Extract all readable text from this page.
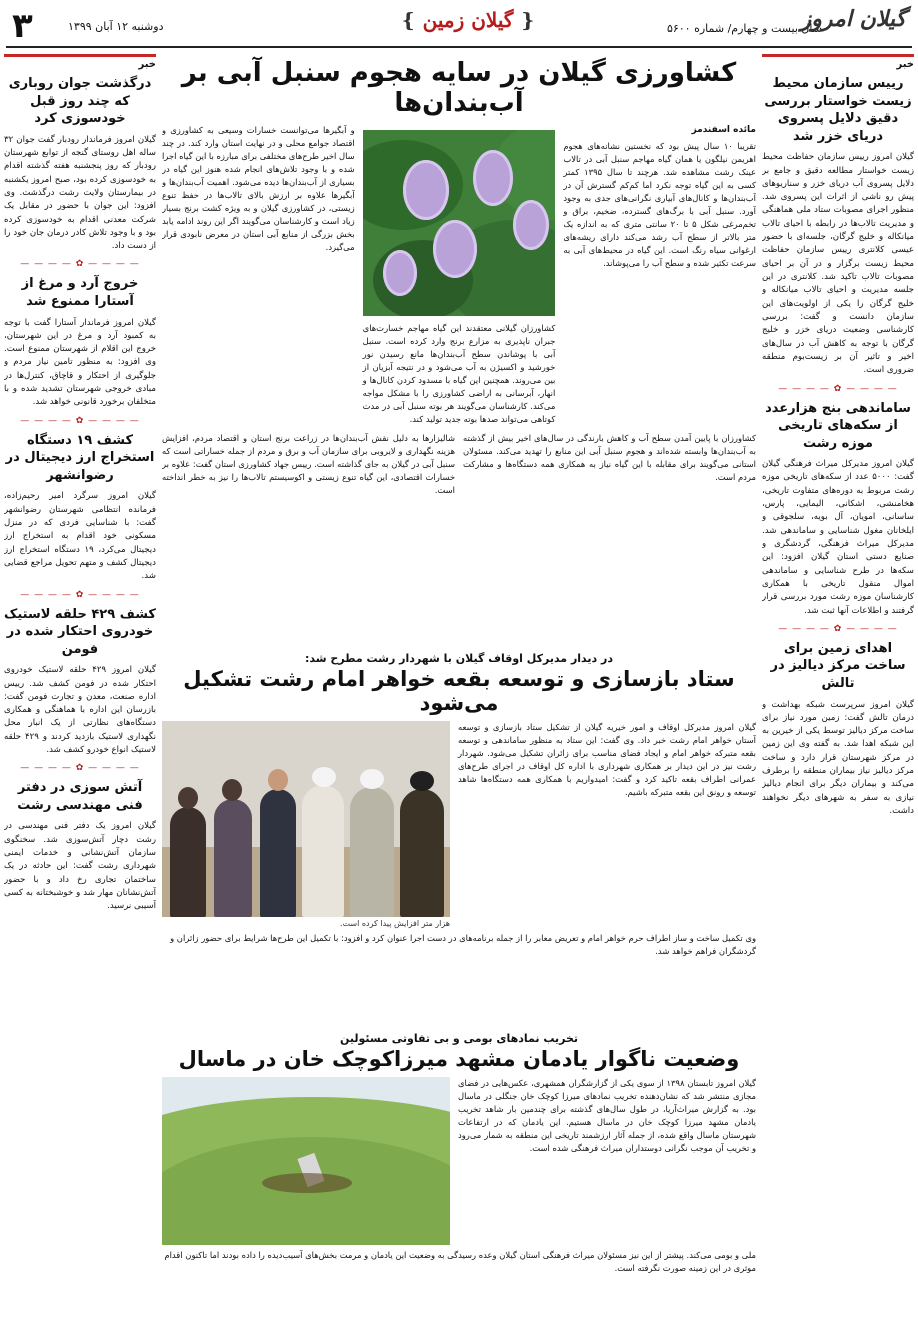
۳	دوشنبه ۱۲ آبان ۱۳۹۹
{	گیلان زمین }	سال بیست و چهارم/ شماره ۵۶۰۰
گیلان امروز
خبر
رییس سازمان محیط زیست خواستار بررسی دقیق دلایل پسروی دریای خزر شد
گیلان امروز رییس سازمان حفاظت محیط زیست خواستار مطالعه دقیق و جامع بر دلایل پسروی آب دریای خزر و سناریوهای پیش رو ناشی از اثرات این پسروی شد. منظور اجرای مصوبات ستاد ملی هماهنگی و مدیریت تالاب‌ها در رابطه با احیای تالاب میانکاله و خلیج گرگان، جلسه‌ای با حضور عیسی کلانتری رییس سازمان حفاظت محیط زیست برگزار و در آن بر احیای مصوبات تالاب تاکید شد. کلانتری در این جلسه مدیریت و احیای تالاب میانکاله و خلیج گرگان را یکی از اولویت‌های این سازمان دانست و گفت: بررسی کارشناسی وضعیت دریای خزر و خلیج گرگان با توجه به کاهش آب در سال‌های اخیر و تاثیر آن بر زیست‌بوم منطقه ضروری است.
— — — — ✿ — — — —
ساماندهی بنج هزارعدد از سکه‌های تاریخی موزه رشت
گیلان امروز مدیرکل میراث فرهنگی گیلان گفت: ۵۰۰۰ عدد از سکه‌های تاریخی موزه رشت مربوط به دوره‌های متفاوت تاریخی، هخامنشی، اشکانی، الیمایی، پارس، ساسانی، امویان، آل بویه، سلجوقی و ایلخانان مغول شناسایی و ساماندهی شد. مدیرکل میراث فرهنگی، گردشگری و صنایع دستی استان گیلان افزود: این سکه‌ها در طرح شناسایی و ساماندهی اموال منقول تاریخی با همکاری کارشناسان موزه رشت مورد بررسی قرار گرفتند و اطلاعات آنها ثبت شد.
— — — — ✿ — — — —
اهدای زمین برای ساخت مرکز دیالیز در تالش
گیلان امروز سرپرست شبکه بهداشت و درمان تالش گفت: زمین مورد نیاز برای ساخت مرکز دیالیز توسط یکی از خیرین به این شبکه اهدا شد. به گفته وی این زمین در مرکز شهرستان قرار دارد و ساخت مرکز دیالیز نیاز بیماران منطقه را برطرف می‌کند و بیماران دیگر برای انجام دیالیز نیازی به سفر به شهرهای دیگر نخواهند داشت.
خبر
درگذشت جوان روباری که چند روز قبل خودسوزی کرد
گیلان امروز فرماندار رودبار گفت جوان ۳۲ ساله اهل روستای گنجه از توابع شهرستان رودبار که روز پنجشنبه هفته گذشته اقدام به خودسوزی کرده بود، صبح امروز یکشنبه در بیمارستان ولایت رشت درگذشت. وی افزود: این جوان با حضور در مقابل یک شرکت معدنی اقدام به خودسوزی کرده بود و با وجود تلاش کادر درمان جان خود را از دست داد.
— — — — ✿ — — — —
خروج آرد و مرغ از آستارا ممنوع شد
گیلان امروز فرماندار آستارا گفت با توجه به کمبود آرد و مرغ در این شهرستان، خروج این اقلام از شهرستان ممنوع است. وی افزود: به منظور تامین نیاز مردم و جلوگیری از احتکار و قاچاق، کنترل‌ها در مبادی خروجی شهرستان تشدید شده و با متخلفان برخورد قانونی خواهد شد.
— — — — ✿ — — — —
کشف ۱۹ دستگاه استخراج ارز دیجیتال در رضوانشهر
گیلان امروز سرگرد امیر رحیم‌زاده، فرمانده انتظامی شهرستان رضوانشهر گفت: با شناسایی فردی که در منزل مسکونی خود اقدام به استخراج ارز دیجیتال می‌کرد، ۱۹ دستگاه استخراج ارز دیجیتال کشف و متهم تحویل مراجع قضایی شد.
— — — — ✿ — — — —
کشف ۴۲۹ حلقه لاستیک خودروی احتکار شده در فومن
گیلان امروز ۴۲۹ حلقه لاستیک خودروی احتکار شده در فومن کشف شد. رییس اداره صنعت، معدن و تجارت فومن گفت: بازرسان این اداره با هماهنگی و همکاری دستگاه‌های نظارتی از یک انبار محل نگهداری لاستیک بازدید کردند و ۴۲۹ حلقه لاستیک انواع خودرو کشف شد.
— — — — ✿ — — — —
آتش سوزی در دفتر فنی مهندسی رشت
گیلان امروز یک دفتر فنی مهندسی در رشت دچار آتش‌سوزی شد. سخنگوی سازمان آتش‌نشانی و خدمات ایمنی شهرداری رشت گفت: این حادثه در یک ساختمان تجاری رخ داد و با حضور آتش‌نشانان مهار شد و خوشبختانه به کسی آسیبی نرسید.
کشاورزی گیلان در سایه هجوم سنبل آبی بر آب‌بندان‌ها
مائده اسفندمز
تقریبا ۱۰ سال پیش بود که نخستین نشانه‌های هجوم اهریمن نیلگون یا همان گیاه مهاجم سنبل آبی در تالاب عینک رشت مشاهده شد. هرچند تا سال ۱۳۹۵ کمتر کسی به این گیاه توجه نکرد اما کم‌کم گسترش آن در آب‌بندان‌ها و کانال‌های آبیاری نگرانی‌های جدی به وجود آورد. سنبل آبی با برگ‌های گسترده، ضخیم، براق و تخم‌مرغی شکل ۵ تا ۲۰ سانتی متری که به اندازه یک متر بالاتر از سطح آب رشد می‌کند دارای ریشه‌های ارغوانی سیاه رنگ است. این گیاه در محیط‌های آبی به سرعت تکثیر شده و سطح آب را می‌پوشاند.
کشاورزان گیلانی معتقدند این گیاه مهاجم خسارت‌های جبران ناپذیری به مزارع برنج وارد کرده است. سنبل آبی با پوشاندن سطح آب‌بندان‌ها مانع رسیدن نور خورشید و اکسیژن به آب می‌شود و در نتیجه آبزیان از بین می‌روند. همچنین این گیاه با مسدود کردن کانال‌ها و انهار، آبرسانی به اراضی کشاورزی را با مشکل مواجه می‌کند. کارشناسان می‌گویند هر بوته سنبل آبی در مدت کوتاهی می‌تواند صدها بوته جدید تولید کند.
و آبگیرها می‌توانست خسارات وسیعی به کشاورزی و اقتصاد جوامع محلی و در نهایت استان وارد کند. در چند سال اخیر طرح‌های مختلفی برای مبارزه با این گیاه اجرا شده و با وجود تلاش‌های انجام شده هنوز این گیاه در بسیاری از آب‌بندان‌ها دیده می‌شود. اهمیت آب‌بندان‌ها و آبگیرها علاوه بر ارزش بالای تالاب‌ها در حفظ تنوع زیستی، در کشاورزی گیلان و به ویژه کشت برنج بسیار زیاد است و کارشناسان می‌گویند اگر این روند ادامه یابد بخش بزرگی از منابع آبی استان در معرض نابودی قرار می‌گیرد.
کشاورزان با پایین آمدن سطح آب و کاهش بارندگی در سال‌های اخیر بیش از گذشته به آب‌بندان‌ها وابسته شده‌اند و هجوم سنبل آبی این منابع را تهدید می‌کند. مسئولان استانی می‌گویند برای مقابله با این گیاه نیاز به همکاری همه دستگاه‌ها و مشارکت مردم است.
شالیزارها به دلیل نقش آب‌بندان‌ها در زراعت برنج استان و اقتصاد مردم، افزایش هزینه نگهداری و لایروبی برای سازمان آب و برق و مردم از جمله خساراتی است که سنبل آبی در گیلان به جای گذاشته است. رییس جهاد کشاورزی استان گفت: علاوه بر خسارات اقتصادی، این گیاه تنوع زیستی و اکوسیستم تالاب‌ها را نیز به خطر انداخته است.
در دیدار مدیرکل اوقاف گیلان با شهردار رشت مطرح شد:
ستاد بازسازی و توسعه بقعه خواهر امام رشت تشکیل می‌شود
گیلان امروز مدیرکل اوقاف و امور خیریه گیلان از تشکیل ستاد بازسازی و توسعه آستان خواهر امام رشت خبر داد. وی گفت: این ستاد به منظور ساماندهی و توسعه بقعه متبرکه خواهر امام و ایجاد فضای مناسب برای زائران تشکیل می‌شود. شهردار رشت نیز در این دیدار بر همکاری شهرداری با اداره کل اوقاف در اجرای طرح‌های عمرانی اطراف بقعه تاکید کرد و گفت: امیدواریم با همکاری همه دستگاه‌ها شاهد توسعه و رونق این بقعه متبرکه باشیم.
هزار متر افزایش پیدا کرده است.
وی تکمیل ساخت و ساز اطراف حرم خواهر امام و تعریض معابر را از جمله برنامه‌های در دست اجرا عنوان کرد و افزود: با تکمیل این طرح‌ها شرایط برای حضور زائران و گردشگران فراهم خواهد شد.
تخریب نمادهای بومی و بی تفاوتی مسئولین
وضعیت ناگوار یادمان مشهد میرزاکوچک خان در ماسال
گیلان امروز تابستان ۱۳۹۸ از سوی یکی از گزارشگران همشهری، عکس‌هایی در فضای مجازی منتشر شد که نشان‌دهنده تخریب نمادهای میرزا کوچک خان جنگلی در ماسال بود. به گزارش میراث‌آریا، در طول سال‌های گذشته برای چندمین بار شاهد تخریب یادمان مشهد میرزا کوچک خان در ماسال هستیم. این یادمان که در ارتفاعات شهرستان ماسال واقع شده، از جمله آثار ارزشمند تاریخی این منطقه به شمار می‌رود و تخریب آن موجب نگرانی دوستداران میراث فرهنگی شده است.
ملی و بومی می‌کند. پیشتر از این نیز مسئولان میراث فرهنگی استان گیلان وعده رسیدگی به وضعیت این یادمان و مرمت بخش‌های آسیب‌دیده را داده بودند اما تاکنون اقدام موثری در این زمینه صورت نگرفته است.
